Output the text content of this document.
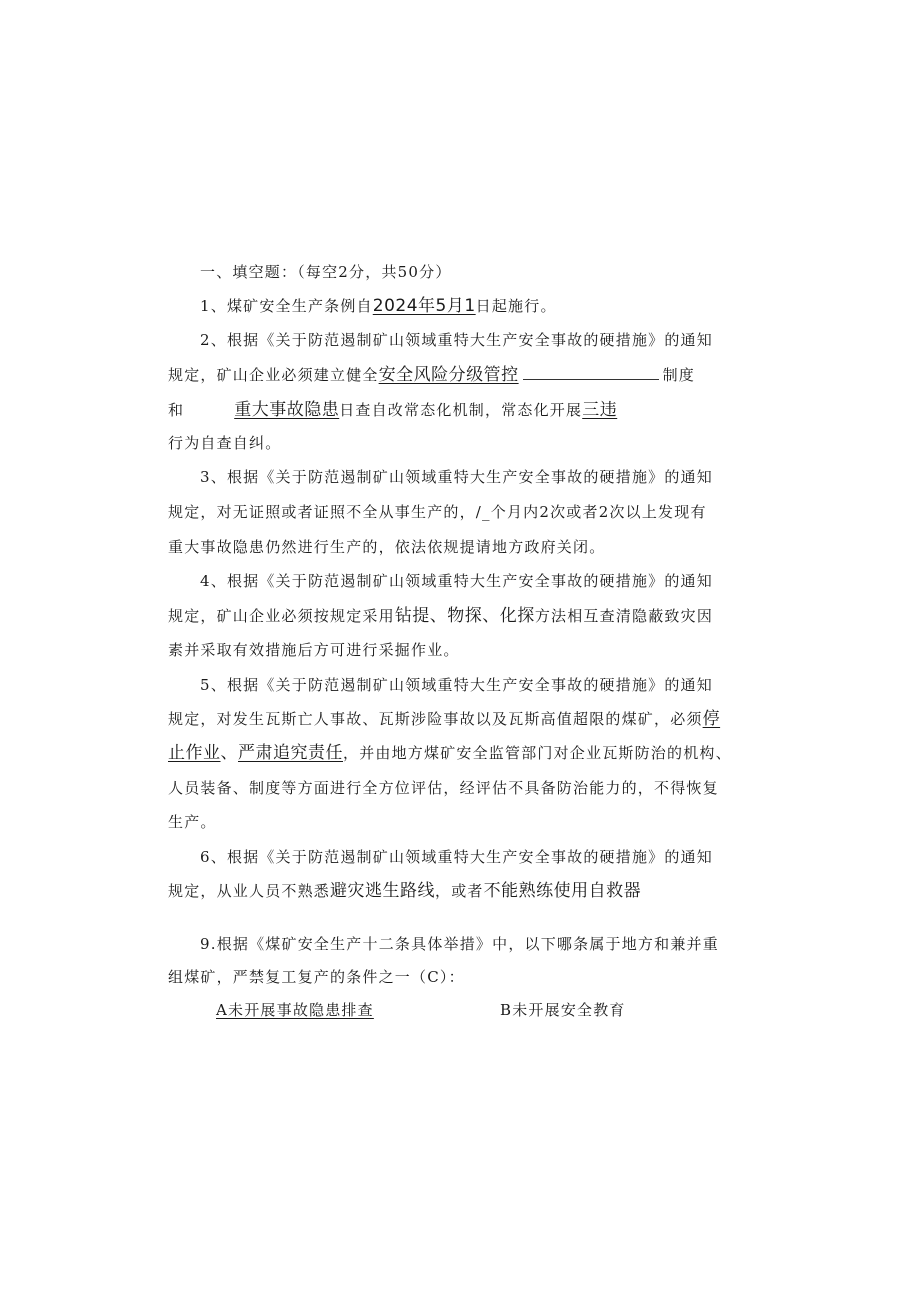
一、填空题：（每空2分，共50分）
1、煤矿安全生产条例自2024年5月1日起施行。
2、根据《关于防范遏制矿山领域重特大生产安全事故的硬措施》的通知
规定，矿山企业必须建立健全安全风险分级管控	制度
和	重大事故隐患日查自改常态化机制，常态化开展三违
行为自查自纠。
3、根据《关于防范遏制矿山领域重特大生产安全事故的硬措施》的通知
规定，对无证照或者证照不全从事生产的，/_个月内2次或者2次以上发现有
重大事故隐患仍然进行生产的，依法依规提请地方政府关闭。
4、根据《关于防范遏制矿山领域重特大生产安全事故的硬措施》的通知
规定，矿山企业必须按规定采用钻提、物探、化探方法相互查清隐蔽致灾因
素并采取有效措施后方可进行采掘作业。
5、根据《关于防范遏制矿山领域重特大生产安全事故的硬措施》的通知
规定，对发生瓦斯亡人事故、瓦斯涉险事故以及瓦斯高值超限的煤矿，必须停
止作业、严肃追究责任，并由地方煤矿安全监管部门对企业瓦斯防治的机构、
人员装备、制度等方面进行全方位评估，经评估不具备防治能力的，不得恢复
生产。
6、根据《关于防范遏制矿山领域重特大生产安全事故的硬措施》的通知
规定，从业人员不熟悉避灾逃生路线，或者不能熟练使用自救器
9.根据《煤矿安全生产十二条具体举措》中，以下哪条属于地方和兼并重
组煤矿，严禁复工复产的条件之一（C）：
A未开展事故隐患排查	B未开展安全教育
